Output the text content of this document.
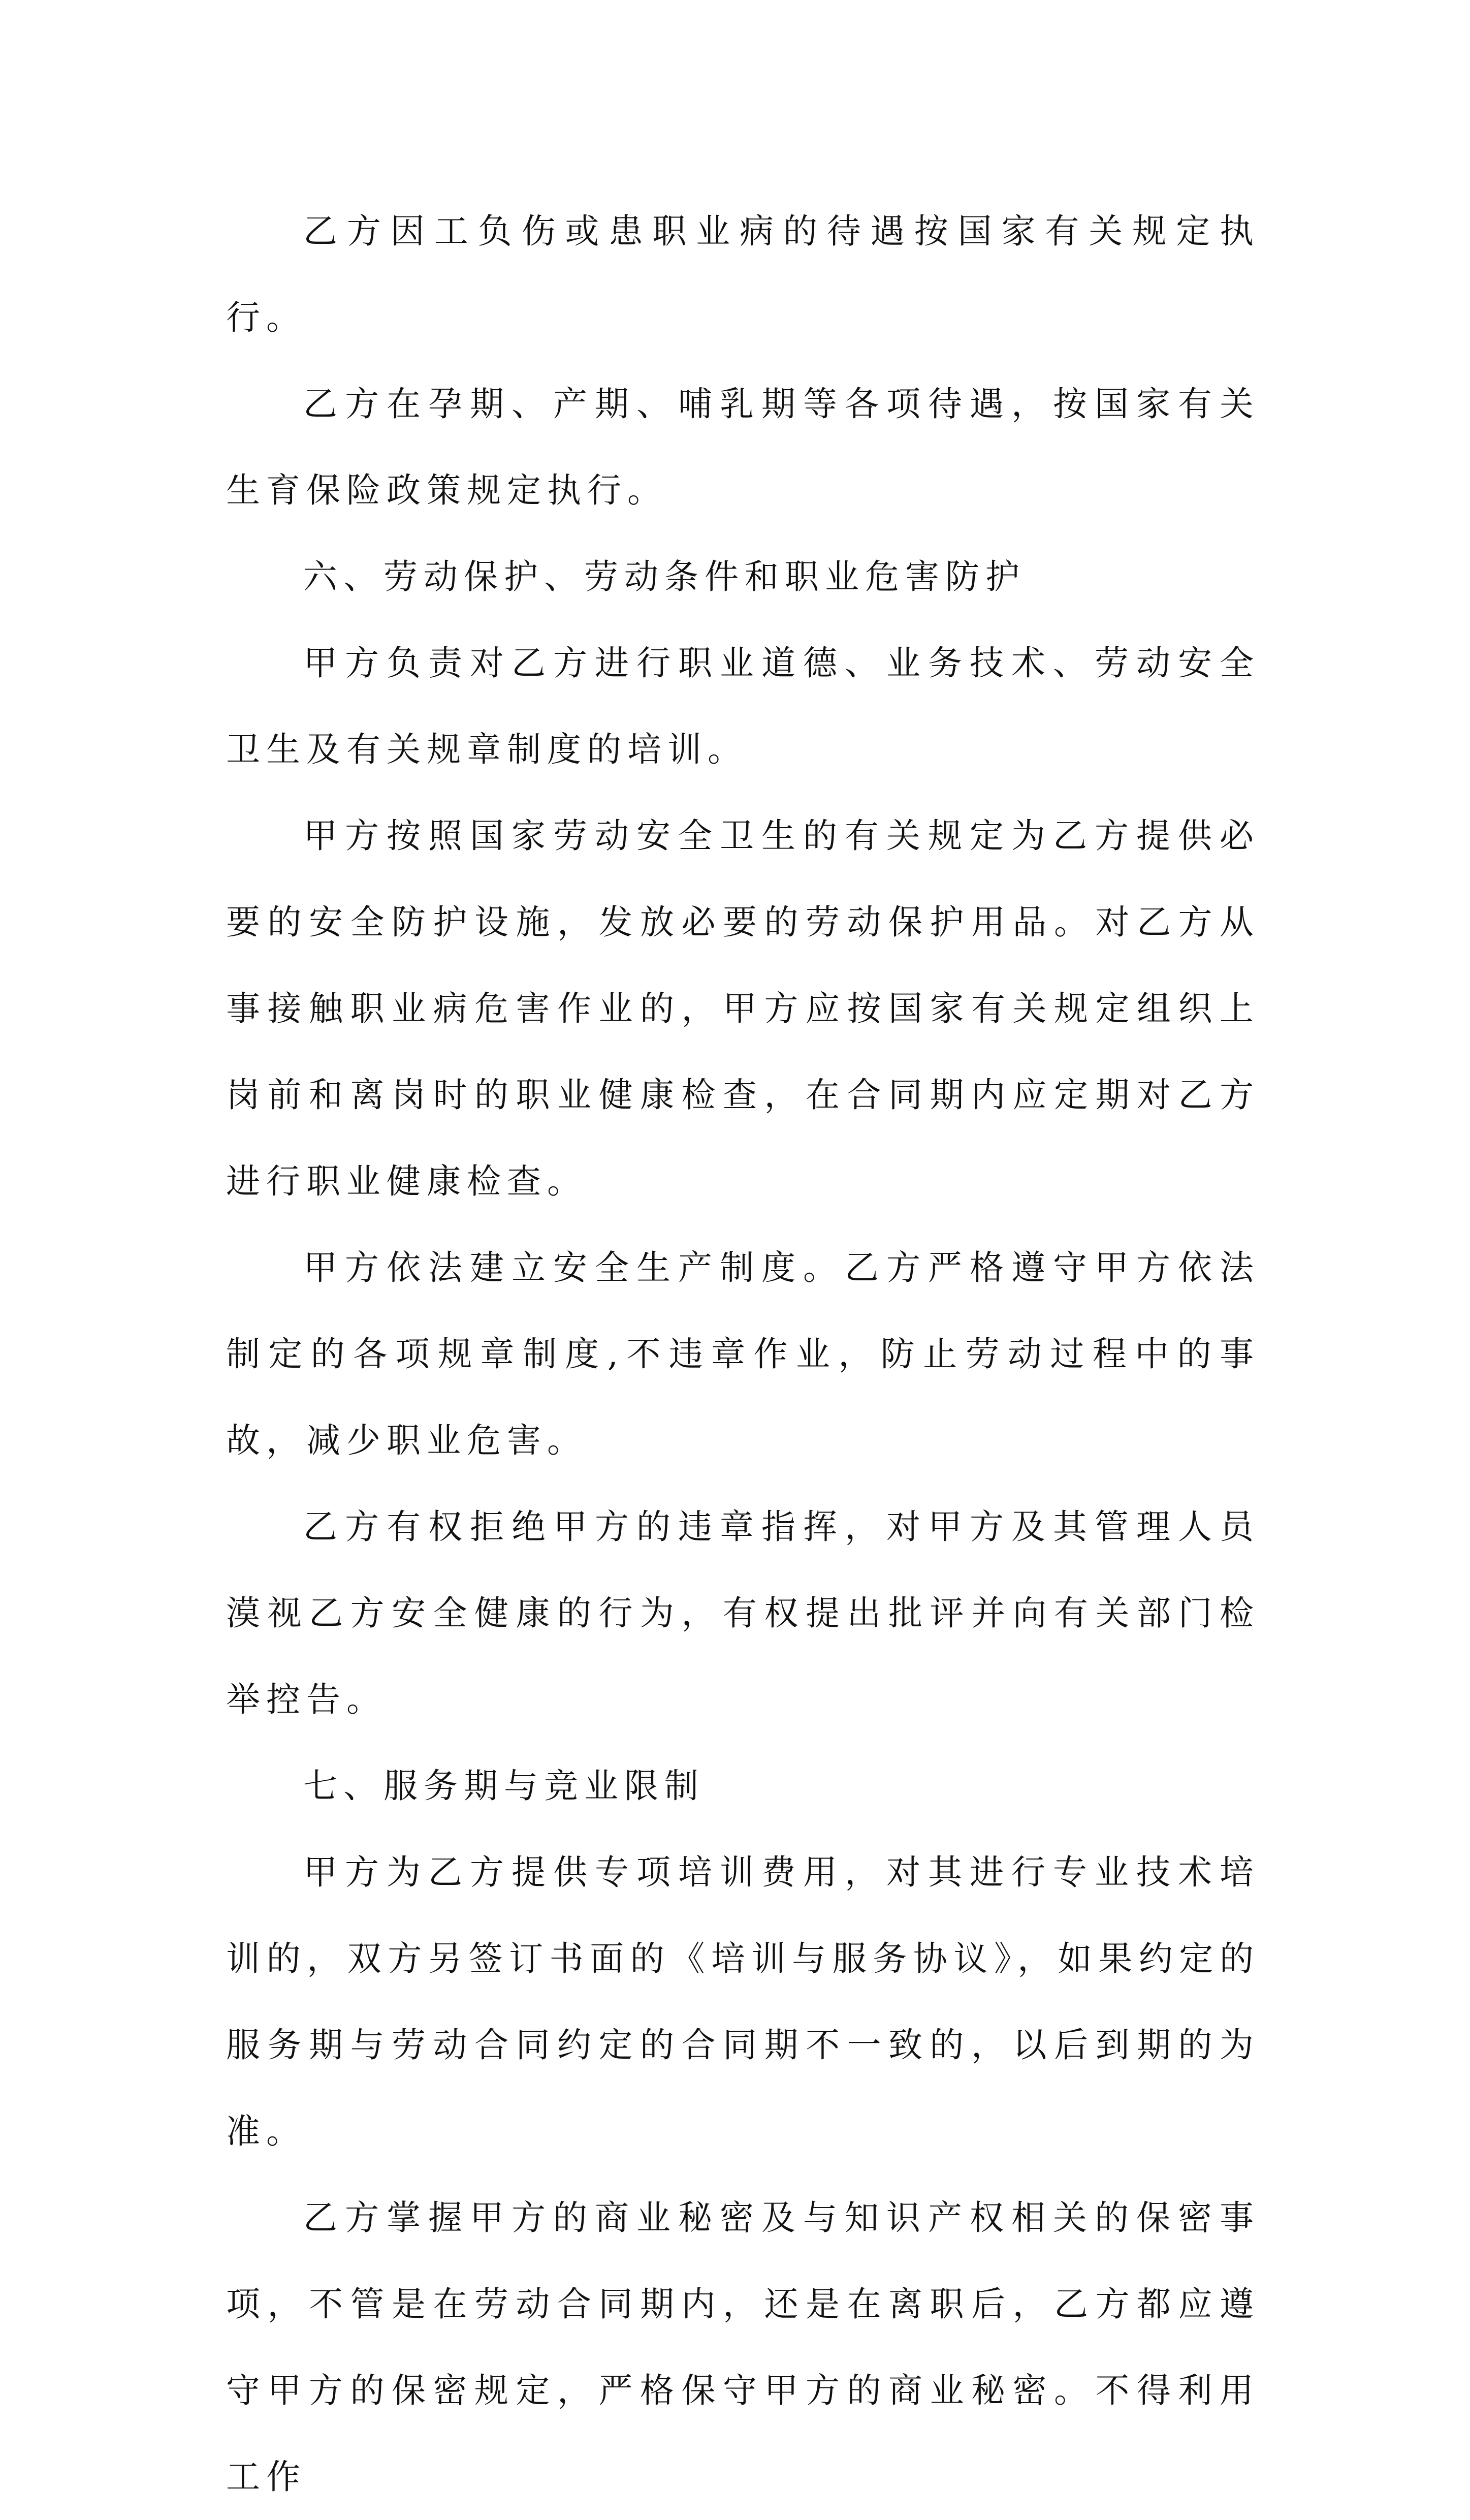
乙方因工负伤或患职业病的待遇按国家有关规定执行。

乙方在孕期、产期、哺乳期等各项待遇，按国家有关生育保险政策规定执行。

六、劳动保护、劳动条件和职业危害防护

甲方负责对乙方进行职业道德、业务技术、劳动安全卫生及有关规章制度的培训。

甲方按照国家劳动安全卫生的有关规定为乙方提供必要的安全防护设施，发放必要的劳动保护用品。对乙方从事接触职业病危害作业的，甲方应按国家有关规定组织上岗前和离岗时的职业健康检查，在合同期内应定期对乙方进行职业健康检查。

甲方依法建立安全生产制度。乙方严格遵守甲方依法制定的各项规章制度,不违章作业，防止劳动过程中的事故，减少职业危害。

乙方有权拒绝甲方的违章指挥，对甲方及其管理人员漠视乙方安全健康的行为，有权提出批评并向有关部门检举控告。

七、服务期与竞业限制

甲方为乙方提供专项培训费用，对其进行专业技术培训的，双方另签订书面的《培训与服务协议》，如果约定的服务期与劳动合同约定的合同期不一致的，以后到期的为准。

乙方掌握甲方的商业秘密及与知识产权相关的保密事项，不管是在劳动合同期内，还是在离职后，乙方都应遵守甲方的保密规定，严格保守甲方的商业秘密。不得利用工作
